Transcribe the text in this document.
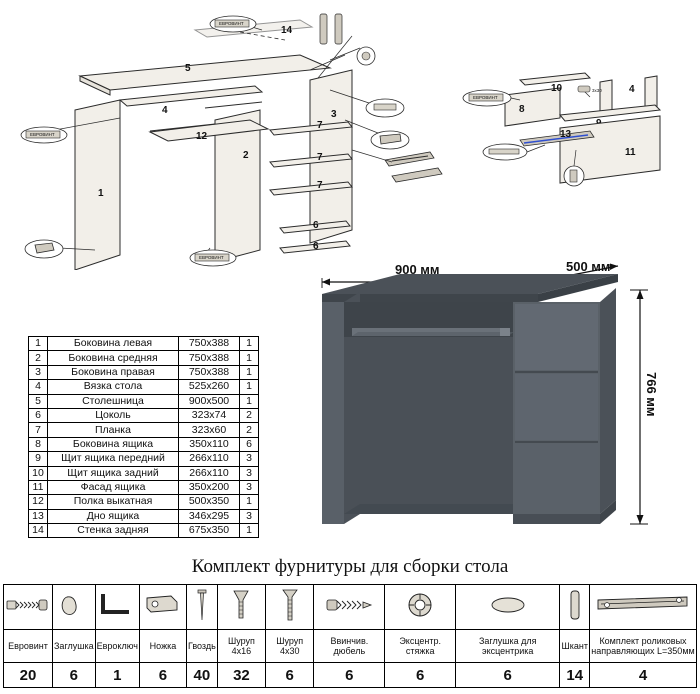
5
14
1
2
3
4
12
7
7
7
6
6
ЕВРОВИНТ
ЕВРОВИНТ
ЕВРОВИНТ
8
10	4
11
13
ЕВРОВИНТ
3x30
1	Боковина левая	750x388	1
2	Боковина средняя	750x388	1
3	Боковина правая	750x388	1
4	Вязка стола	525x260	1
5	Столешница	900x500	1
6	Цоколь	323x74	2
7	Планка	323x60	2
8	Боковина ящика	350x110	6
9	Щит ящика передний	266x110	3
10	Щит ящика задний	266x110	3
11	Фасад ящика	350x200	3
12	Полка выкатная	500x350	1
13	Дно ящика	346x295	3
14	Стенка задняя	675x350	1
900 мм	500 мм
766 мм
Комплект фурнитуры для сборки стола

Евровинт	Заглушка	Евроключ	Ножка	Гвоздь	Шуруп 4x16	Шуруп 4x30	Ввинчив. дюбель	Эксцентр. стяжка	Заглушка для эксцентрика	Шкант	Комплект роликовых направляющих L=350мм
20	6	1	6	40	32	6	6	6	6	14	4
